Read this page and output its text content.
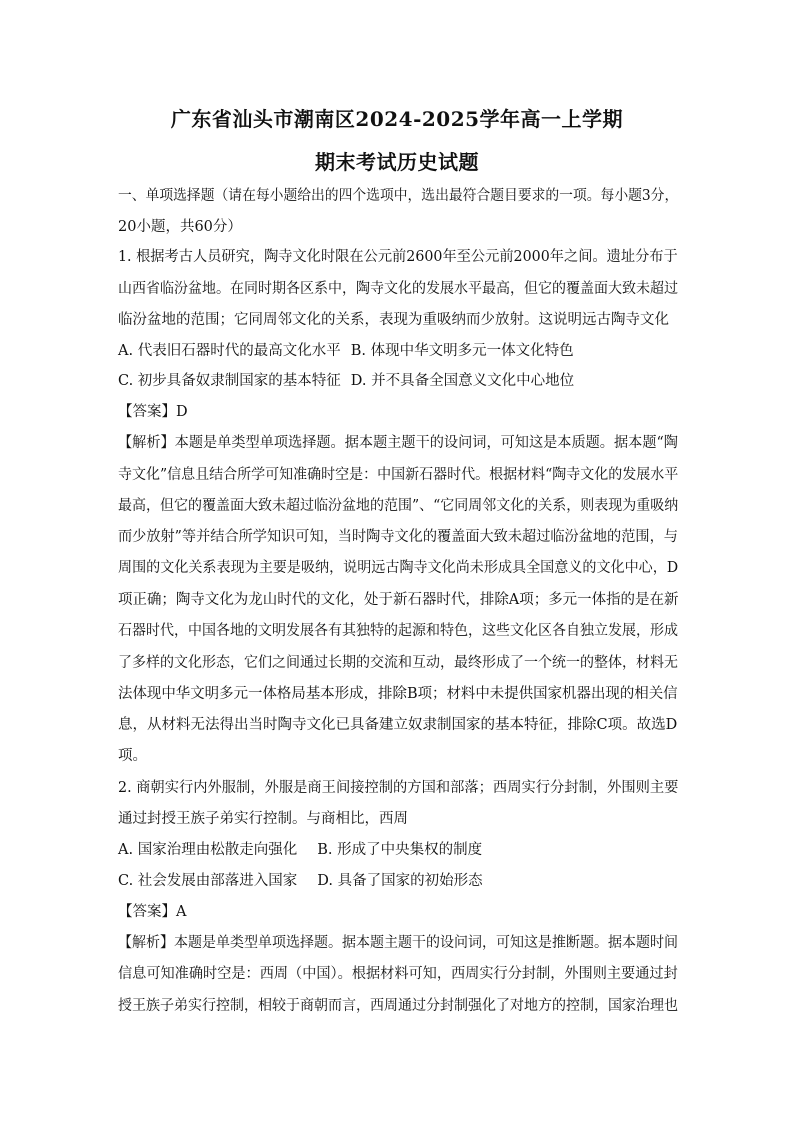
广东省汕头市潮南区2024-2025学年高一上学期
期末考试历史试题
一、单项选择题（请在每小题给出的四个选项中，选出最符合题目要求的一项。每小题3分，
20小题，共60分）
1. 根据考古人员研究，陶寺文化时限在公元前2600年至公元前2000年之间。遗址分布于
山西省临汾盆地。在同时期各区系中，陶寺文化的发展水平最高，但它的覆盖面大致未超过
临汾盆地的范围；它同周邻文化的关系，表现为重吸纳而少放射。这说明远古陶寺文化
A. 代表旧石器时代的最高文化水平 B. 体现中华文明多元一体文化特色
C. 初步具备奴隶制国家的基本特征 D. 并不具备全国意义文化中心地位
【答案】D
【解析】本题是单类型单项选择题。据本题主题干的设问词，可知这是本质题。据本题“陶
寺文化”信息且结合所学可知准确时空是：中国新石器时代。根据材料“陶寺文化的发展水平
最高，但它的覆盖面大致未超过临汾盆地的范围”、“它同周邻文化的关系，则表现为重吸纳
而少放射”等并结合所学知识可知，当时陶寺文化的覆盖面大致未超过临汾盆地的范围，与
周围的文化关系表现为主要是吸纳，说明远古陶寺文化尚未形成具全国意义的文化中心，D
项正确；陶寺文化为龙山时代的文化，处于新石器时代，排除A项；多元一体指的是在新
石器时代，中国各地的文明发展各有其独特的起源和特色，这些文化区各自独立发展，形成
了多样的文化形态，它们之间通过长期的交流和互动，最终形成了一个统一的整体，材料无
法体现中华文明多元一体格局基本形成，排除B项；材料中未提供国家机器出现的相关信
息，从材料无法得出当时陶寺文化已具备建立奴隶制国家的基本特征，排除C项。故选D
项。
2. 商朝实行内外服制，外服是商王间接控制的方国和部落；西周实行分封制，外围则主要
通过封授王族子弟实行控制。与商相比，西周
A. 国家治理由松散走向强化 B. 形成了中央集权的制度
C. 社会发展由部落进入国家 D. 具备了国家的初始形态
【答案】A
【解析】本题是单类型单项选择题。据本题主题干的设问词，可知这是推断题。据本题时间
信息可知准确时空是：西周（中国）。根据材料可知，西周实行分封制，外围则主要通过封
授王族子弟实行控制，相较于商朝而言，西周通过分封制强化了对地方的控制，国家治理也
